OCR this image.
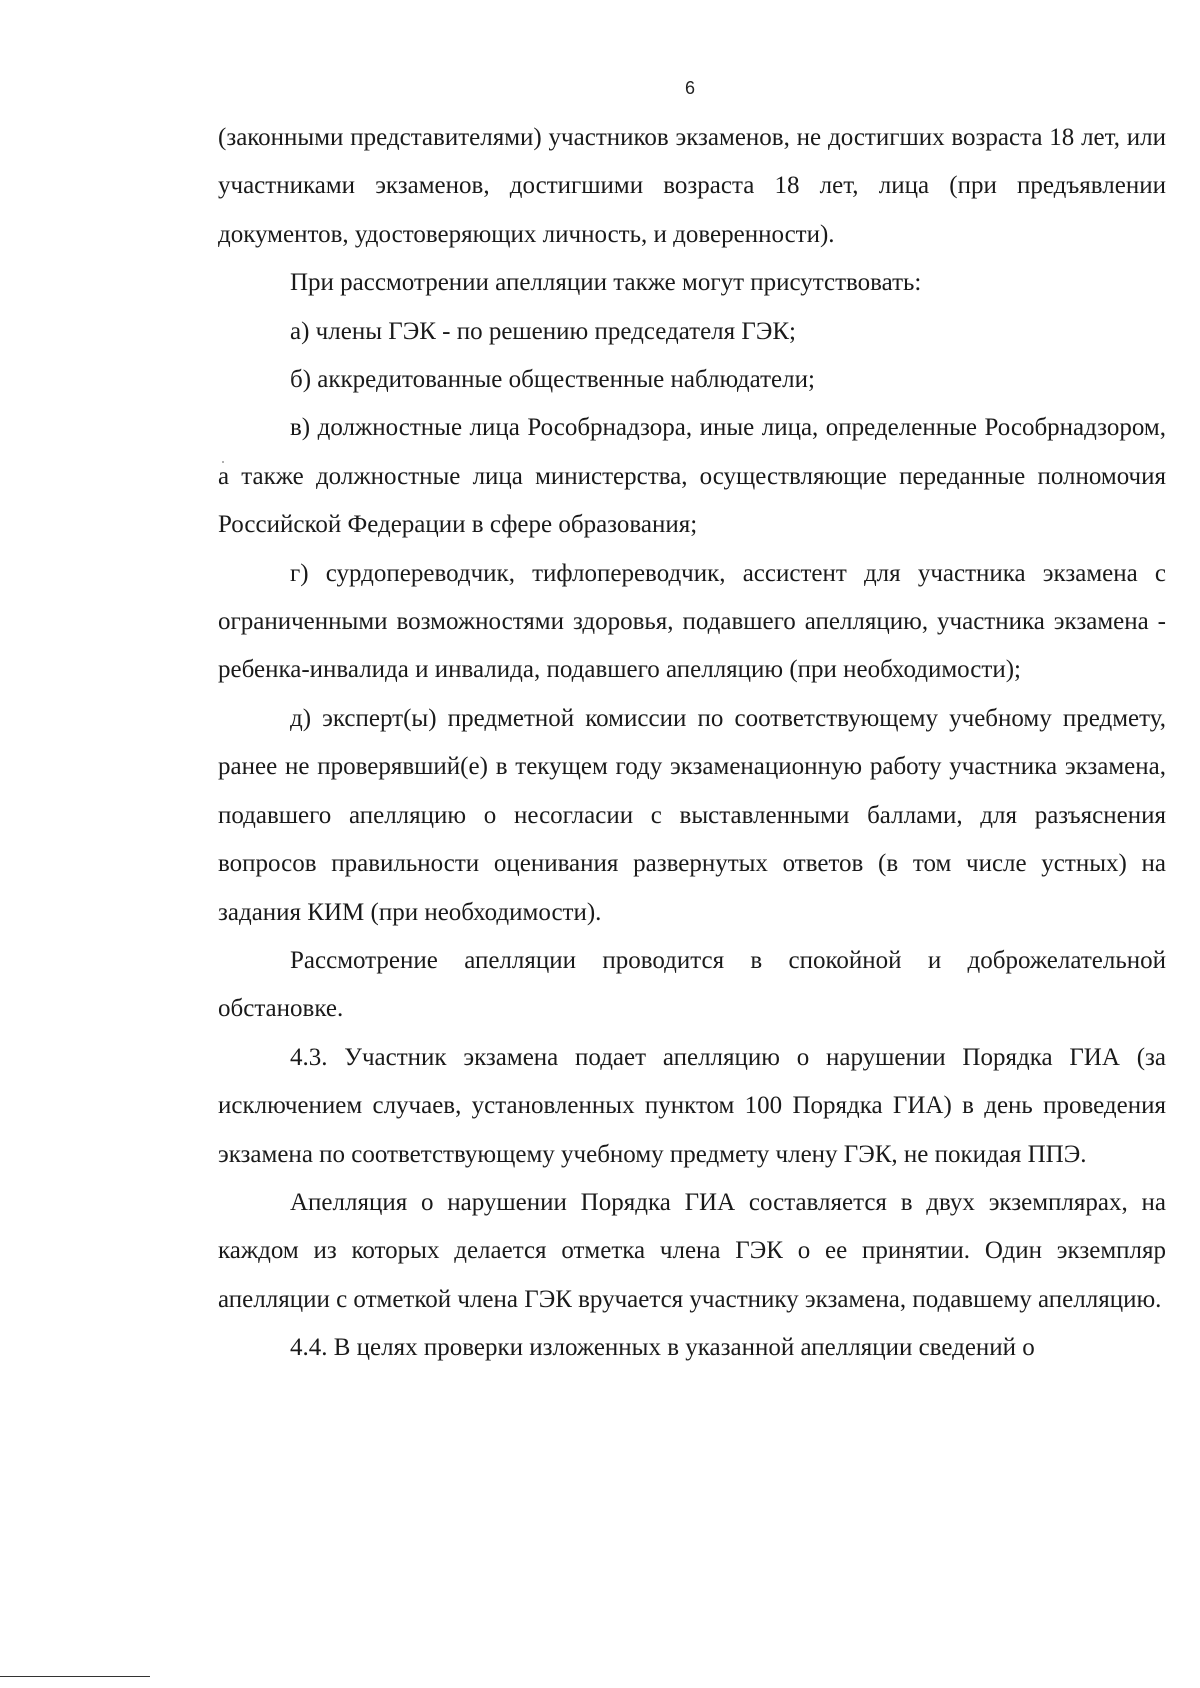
6

(законными представителями) участников экзаменов, не достигших возраста 18 лет, или участниками экзаменов, достигшими возраста 18 лет, лица (при предъявлении документов, удостоверяющих личность, и доверенности).

При рассмотрении апелляции также могут присутствовать:

а) члены ГЭК - по решению председателя ГЭК;

б) аккредитованные общественные наблюдатели;

в) должностные лица Рособрнадзора, иные лица, определенные Рособрнадзором, а также должностные лица министерства, осуществляющие переданные полномочия Российской Федерации в сфере образования;

г) сурдопереводчик, тифлопереводчик, ассистент для участника экзамена с ограниченными возможностями здоровья, подавшего апелляцию, участника экзамена - ребенка-инвалида и инвалида, подавшего апелляцию (при необходимости);

д) эксперт(ы) предметной комиссии по соответствующему учебному предмету, ранее не проверявший(е) в текущем году экзаменационную работу участника экзамена, подавшего апелляцию о несогласии с выставленными баллами, для разъяснения вопросов правильности оценивания развернутых ответов (в том числе устных) на задания КИМ (при необходимости).

Рассмотрение апелляции проводится в спокойной и доброжелательной обстановке.

4.3. Участник экзамена подает апелляцию о нарушении Порядка ГИА (за исключением случаев, установленных пунктом 100 Порядка ГИА) в день проведения экзамена по соответствующему учебному предмету члену ГЭК, не покидая ППЭ.

Апелляция о нарушении Порядка ГИА составляется в двух экземплярах, на каждом из которых делается отметка члена ГЭК о ее принятии. Один экземпляр апелляции с отметкой члена ГЭК вручается участнику экзамена, подавшему апелляцию.

4.4. В целях проверки изложенных в указанной апелляции сведений о
